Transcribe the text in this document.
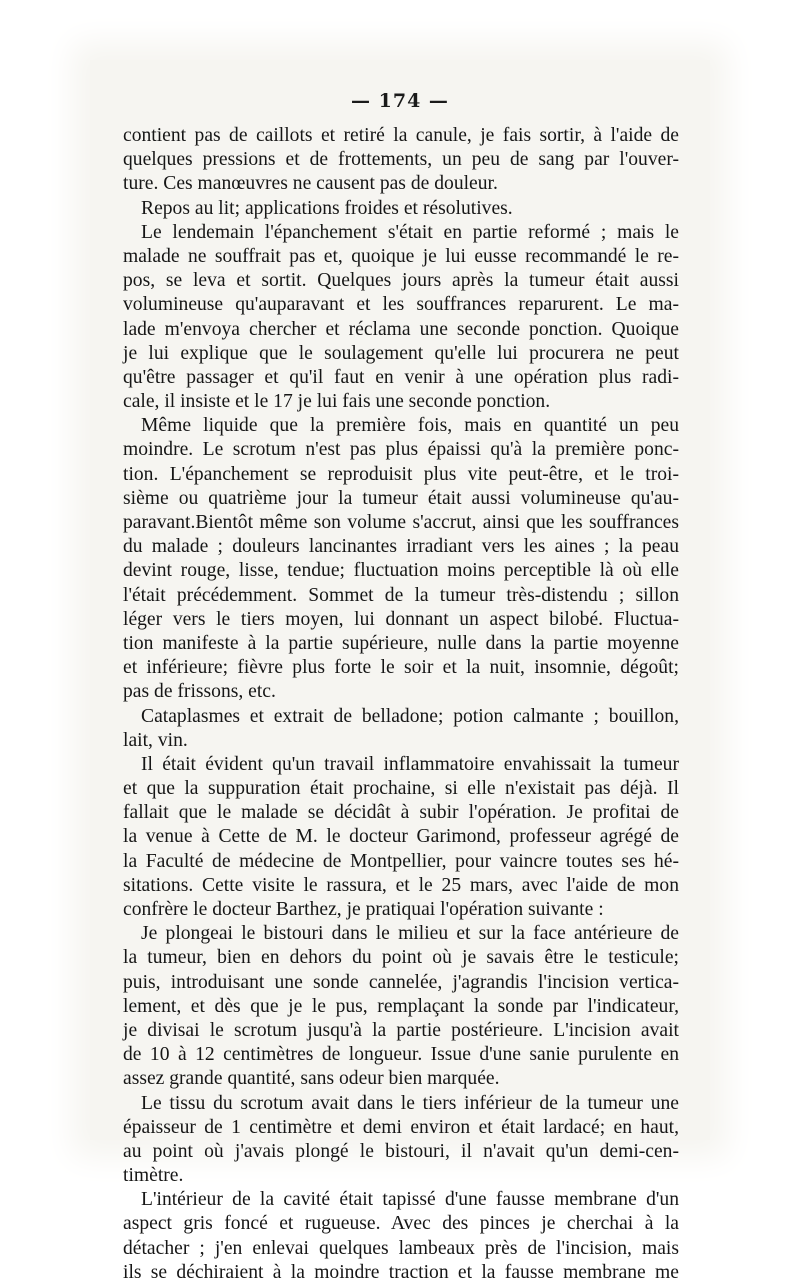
— 174 —
contient pas de caillots et retiré la canule, je fais sortir, à l'aide de
quelques pressions et de frottements, un peu de sang par l'ouver-
ture. Ces manœuvres ne causent pas de douleur.
Repos au lit; applications froides et résolutives.
Le lendemain l'épanchement s'était en partie reformé ; mais le
malade ne souffrait pas et, quoique je lui eusse recommandé le re-
pos, se leva et sortit. Quelques jours après la tumeur était aussi
volumineuse qu'auparavant et les souffrances reparurent. Le ma-
lade m'envoya chercher et réclama une seconde ponction. Quoique
je lui explique que le soulagement qu'elle lui procurera ne peut
qu'être passager et qu'il faut en venir à une opération plus radi-
cale, il insiste et le 17 je lui fais une seconde ponction.
Même liquide que la première fois, mais en quantité un peu
moindre. Le scrotum n'est pas plus épaissi qu'à la première ponc-
tion. L'épanchement se reproduisit plus vite peut-être, et le troi-
sième ou quatrième jour la tumeur était aussi volumineuse qu'au-
paravant.Bientôt même son volume s'accrut, ainsi que les souffrances
du malade ; douleurs lancinantes irradiant vers les aines ; la peau
devint rouge, lisse, tendue; fluctuation moins perceptible là où elle
l'était précédemment. Sommet de la tumeur très-distendu ; sillon
léger vers le tiers moyen, lui donnant un aspect bilobé. Fluctua-
tion manifeste à la partie supérieure, nulle dans la partie moyenne
et inférieure; fièvre plus forte le soir et la nuit, insomnie, dégoût;
pas de frissons, etc.
Cataplasmes et extrait de belladone; potion calmante ; bouillon,
lait, vin.
Il était évident qu'un travail inflammatoire envahissait la tumeur
et que la suppuration était prochaine, si elle n'existait pas déjà. Il
fallait que le malade se décidât à subir l'opération. Je profitai de
la venue à Cette de M. le docteur Garimond, professeur agrégé de
la Faculté de médecine de Montpellier, pour vaincre toutes ses hé-
sitations. Cette visite le rassura, et le 25 mars, avec l'aide de mon
confrère le docteur Barthez, je pratiquai l'opération suivante :
Je plongeai le bistouri dans le milieu et sur la face antérieure de
la tumeur, bien en dehors du point où je savais être le testicule;
puis, introduisant une sonde cannelée, j'agrandis l'incision vertica-
lement, et dès que je le pus, remplaçant la sonde par l'indicateur,
je divisai le scrotum jusqu'à la partie postérieure. L'incision avait
de 10 à 12 centimètres de longueur. Issue d'une sanie purulente en
assez grande quantité, sans odeur bien marquée.
Le tissu du scrotum avait dans le tiers inférieur de la tumeur une
épaisseur de 1 centimètre et demi environ et était lardacé; en haut,
au point où j'avais plongé le bistouri, il n'avait qu'un demi-cen-
timètre.
L'intérieur de la cavité était tapissé d'une fausse membrane d'un
aspect gris foncé et rugueuse. Avec des pinces je cherchai à la
détacher ; j'en enlevai quelques lambeaux près de l'incision, mais
ils se déchiraient à la moindre traction et la fausse membrane me
